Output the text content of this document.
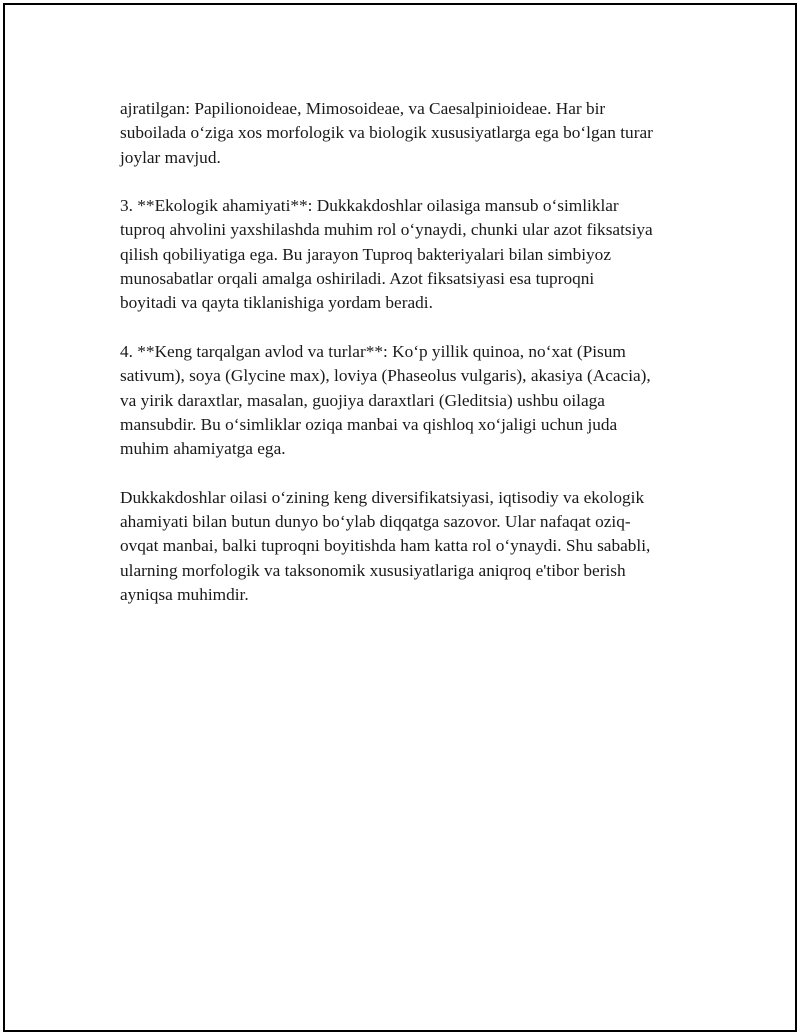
ajratilgan: Papilionoideae, Mimosoideae, va Caesalpinioideae. Har bir
suboilada o‘ziga xos morfologik va biologik xususiyatlarga ega bo‘lgan turar
joylar mavjud.

3. **Ekologik ahamiyati**: Dukkakdoshlar oilasiga mansub o‘simliklar
tuproq ahvolini yaxshilashda muhim rol o‘ynaydi, chunki ular azot fiksatsiya
qilish qobiliyatiga ega. Bu jarayon Tuproq bakteriyalari bilan simbiyoz
munosabatlar orqali amalga oshiriladi. Azot fiksatsiyasi esa tuproqni
boyitadi va qayta tiklanishiga yordam beradi.

4. **Keng tarqalgan avlod va turlar**: Ko‘p yillik quinoa, no‘xat (Pisum
sativum), soya (Glycine max), loviya (Phaseolus vulgaris), akasiya (Acacia),
va yirik daraxtlar, masalan, guojiya daraxtlari (Gleditsia) ushbu oilaga
mansubdir. Bu o‘simliklar oziqa manbai va qishloq xo‘jaligi uchun juda
muhim ahamiyatga ega.

Dukkakdoshlar oilasi o‘zining keng diversifikatsiyasi, iqtisodiy va ekologik
ahamiyati bilan butun dunyo bo‘ylab diqqatga sazovor. Ular nafaqat oziq-
ovqat manbai, balki tuproqni boyitishda ham katta rol o‘ynaydi. Shu sababli,
ularning morfologik va taksonomik xususiyatlariga aniqroq e'tibor berish
ayniqsa muhimdir.
